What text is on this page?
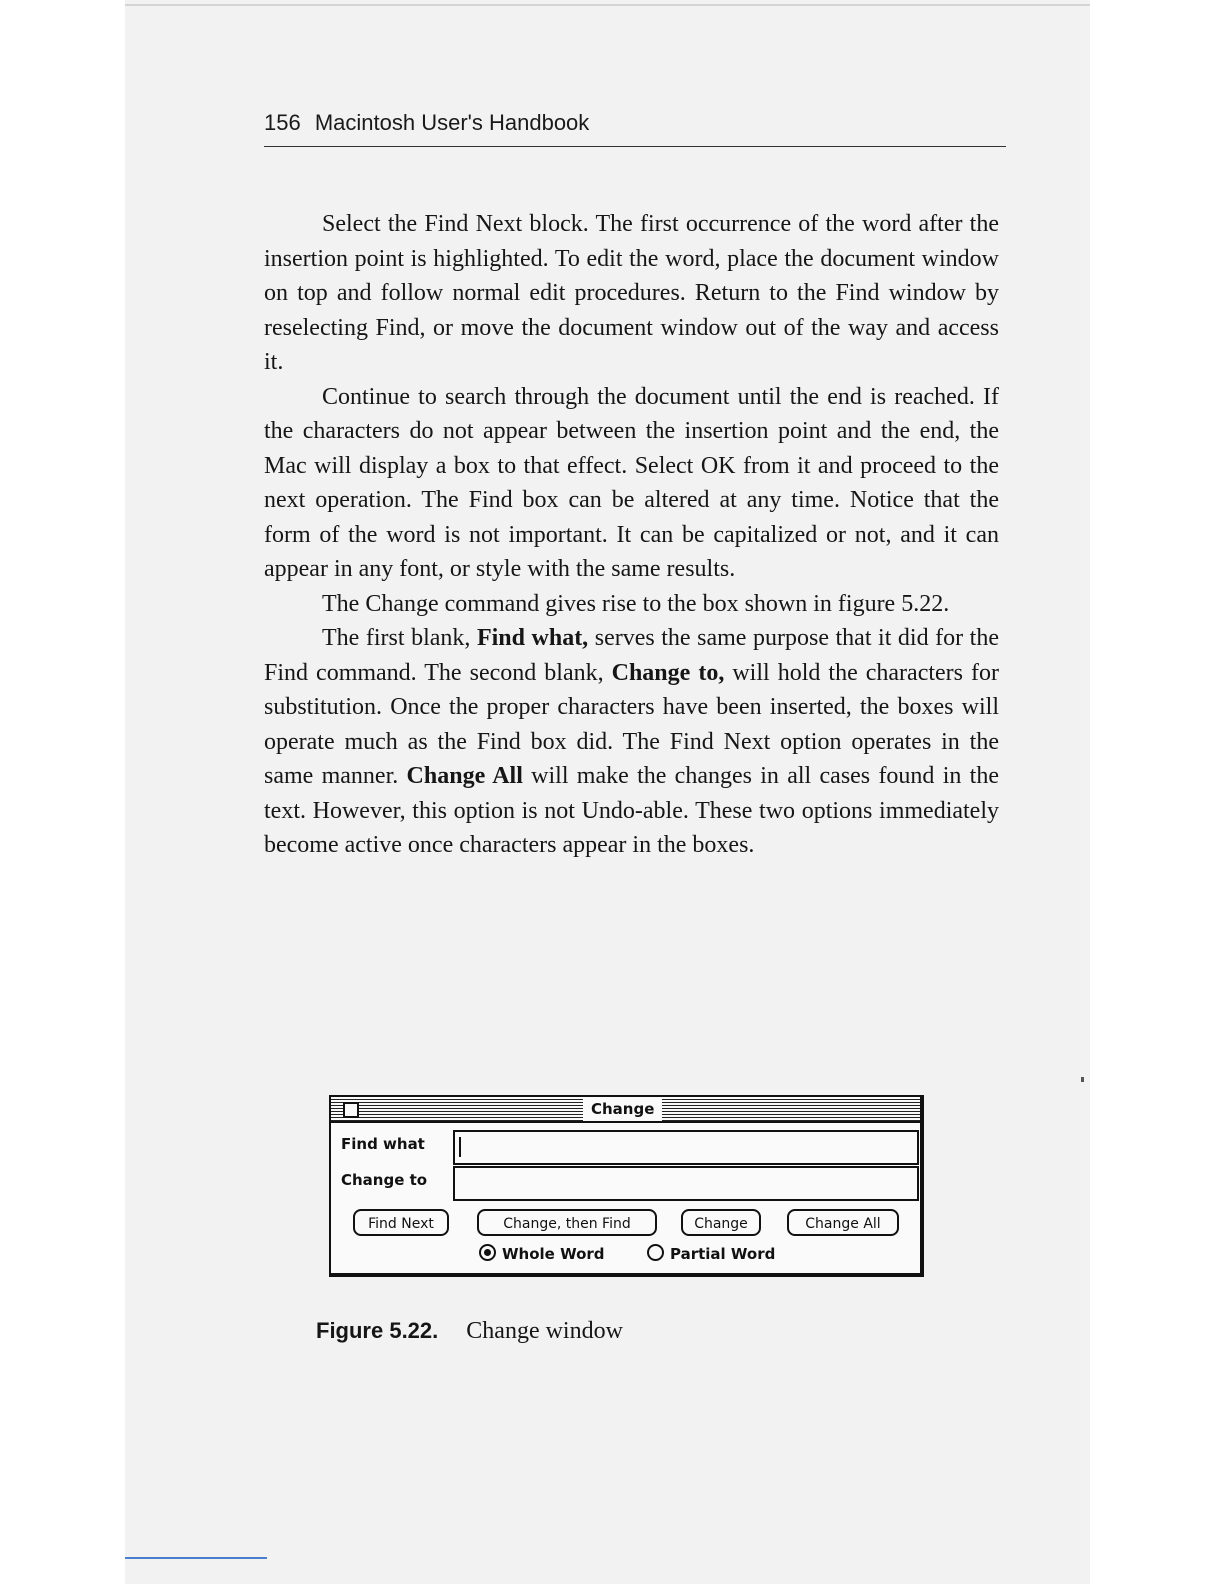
156 Macintosh User's Handbook

Select the Find Next block. The first occurrence of the word after the insertion point is highlighted. To edit the word, place the document window on top and follow normal edit procedures. Return to the Find window by reselecting Find, or move the document window out of the way and access it.

Continue to search through the document until the end is reached. If the characters do not appear between the insertion point and the end, the Mac will display a box to that effect. Select OK from it and proceed to the next operation. The Find box can be altered at any time. Notice that the form of the word is not important. It can be capitalized or not, and it can appear in any font, or style with the same results.

The Change command gives rise to the box shown in figure 5.22.

The first blank, Find what, serves the same purpose that it did for the Find command. The second blank, Change to, will hold the characters for substitution. Once the proper characters have been inserted, the boxes will operate much as the Find box did. The Find Next option operates in the same manner. Change All will make the changes in all cases found in the text. However, this option is not Undo-able. These two options immediately become active once characters appear in the boxes.

Change
Find what
Change to
Find Next	Change, then Find	Change	Change All
Whole Word	Partial Word
Figure 5.22. Change window
